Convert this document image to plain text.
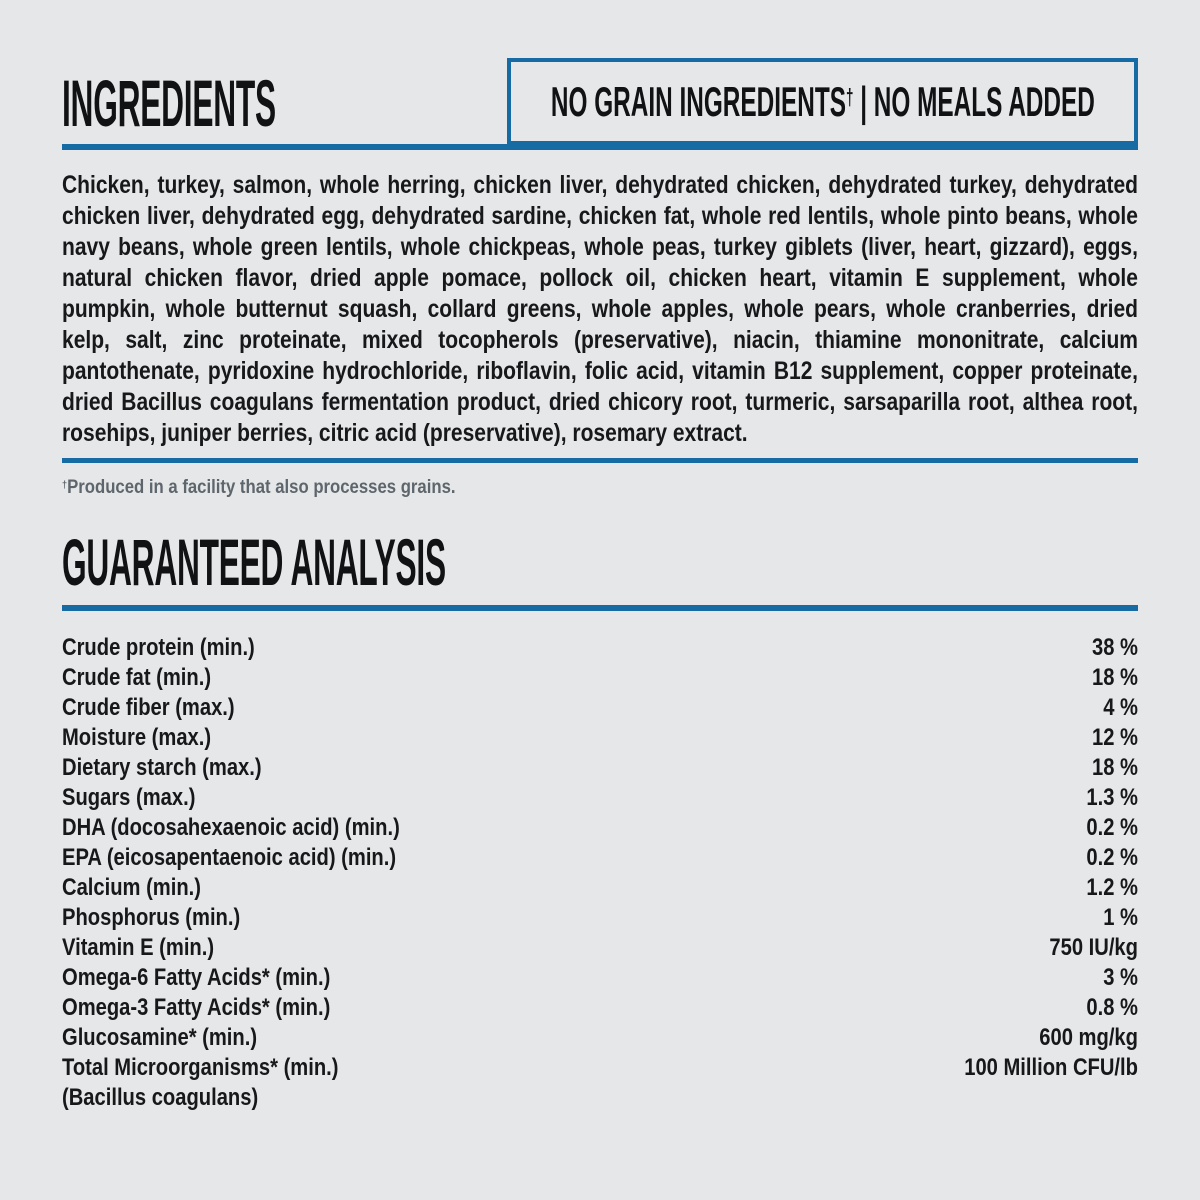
INGREDIENTS	NO GRAIN INGREDIENTS† | NO MEALS ADDED

Chicken, turkey, salmon, whole herring, chicken liver, dehydrated chicken, dehydrated turkey, dehydrated chicken liver, dehydrated egg, dehydrated sardine, chicken fat, whole red lentils, whole pinto beans, whole navy beans, whole green lentils, whole chickpeas, whole peas, turkey giblets (liver, heart, gizzard), eggs, natural chicken flavor, dried apple pomace, pollock oil, chicken heart, vitamin E supplement, whole pumpkin, whole butternut squash, collard greens, whole apples, whole pears, whole cranberries, dried kelp, salt, zinc proteinate, mixed tocopherols (preservative), niacin, thiamine mononitrate, calcium pantothenate, pyridoxine hydrochloride, riboflavin, folic acid, vitamin B12 supplement, copper proteinate, dried Bacillus coagulans fermentation product, dried chicory root, turmeric, sarsaparilla root, althea root, rosehips, juniper berries, citric acid (preservative), rosemary extract.

†Produced in a facility that also processes grains.

GUARANTEED ANALYSIS
Crude protein (min.)	38 %
Crude fat (min.)	18 %
Crude fiber (max.)	4 %
Moisture (max.)	12 %
Dietary starch (max.)	18 %
Sugars (max.)	1.3 %
DHA (docosahexaenoic acid) (min.)	0.2 %
EPA (eicosapentaenoic acid) (min.)	0.2 %
Calcium (min.)	1.2 %
Phosphorus (min.)	1 %
Vitamin E (min.)	750 IU/kg
Omega-6 Fatty Acids* (min.)	3 %
Omega-3 Fatty Acids* (min.)	0.8 %
Glucosamine* (min.)	600 mg/kg
Total Microorganisms* (min.)	100 Million CFU/lb
(Bacillus coagulans)
